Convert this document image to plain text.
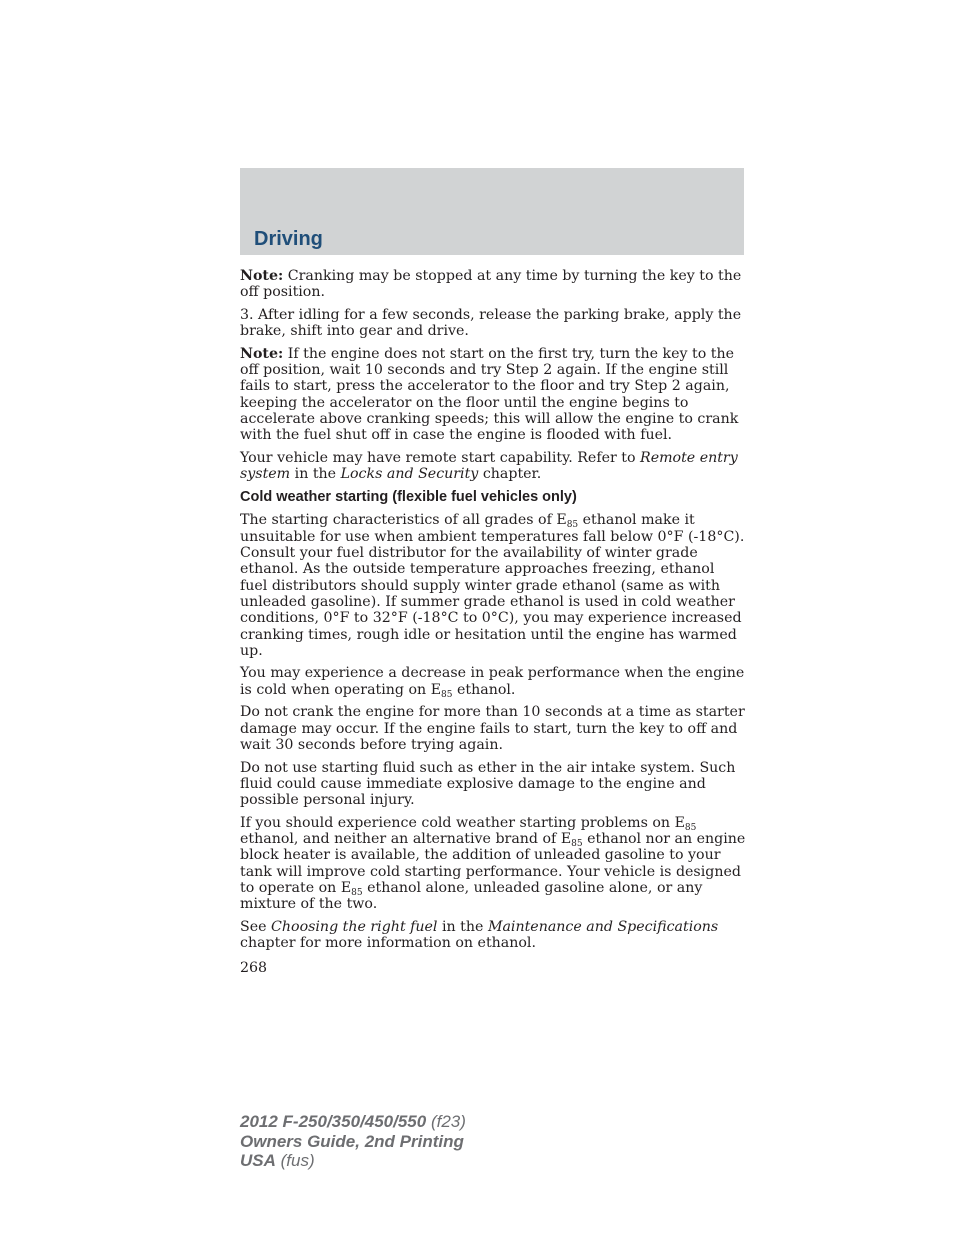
Driving

Note: Cranking may be stopped at any time by turning the key to the off position.

3. After idling for a few seconds, release the parking brake, apply the brake, shift into gear and drive.

Note: If the engine does not start on the first try, turn the key to the off position, wait 10 seconds and try Step 2 again. If the engine still fails to start, press the accelerator to the floor and try Step 2 again, keeping the accelerator on the floor until the engine begins to accelerate above cranking speeds; this will allow the engine to crank with the fuel shut off in case the engine is flooded with fuel.

Your vehicle may have remote start capability. Refer to Remote entry system in the Locks and Security chapter.

Cold weather starting (flexible fuel vehicles only)

The starting characteristics of all grades of $E_{85}$ ethanol make it unsuitable for use when ambient temperatures fall below 0°F (-18°C). Consult your fuel distributor for the availability of winter grade ethanol. As the outside temperature approaches freezing, ethanol fuel distributors should supply winter grade ethanol (same as with unleaded gasoline). If summer grade ethanol is used in cold weather conditions, 0°F to 32°F (-18°C to 0°C), you may experience increased cranking times, rough idle or hesitation until the engine has warmed up.

You may experience a decrease in peak performance when the engine is cold when operating on $E_{85}$ ethanol.

Do not crank the engine for more than 10 seconds at a time as starter damage may occur. If the engine fails to start, turn the key to off and wait 30 seconds before trying again.

Do not use starting fluid such as ether in the air intake system. Such fluid could cause immediate explosive damage to the engine and possible personal injury.

If you should experience cold weather starting problems on $E_{85}$ ethanol, and neither an alternative brand of $E_{85}$ ethanol nor an engine block heater is available, the addition of unleaded gasoline to your tank will improve cold starting performance. Your vehicle is designed to operate on $E_{85}$ ethanol alone, unleaded gasoline alone, or any mixture of the two.

See Choosing the right fuel in the Maintenance and Specifications chapter for more information on ethanol.

268
2012 F-250/350/450/550 (f23)
Owners Guide, 2nd Printing
USA (fus)
